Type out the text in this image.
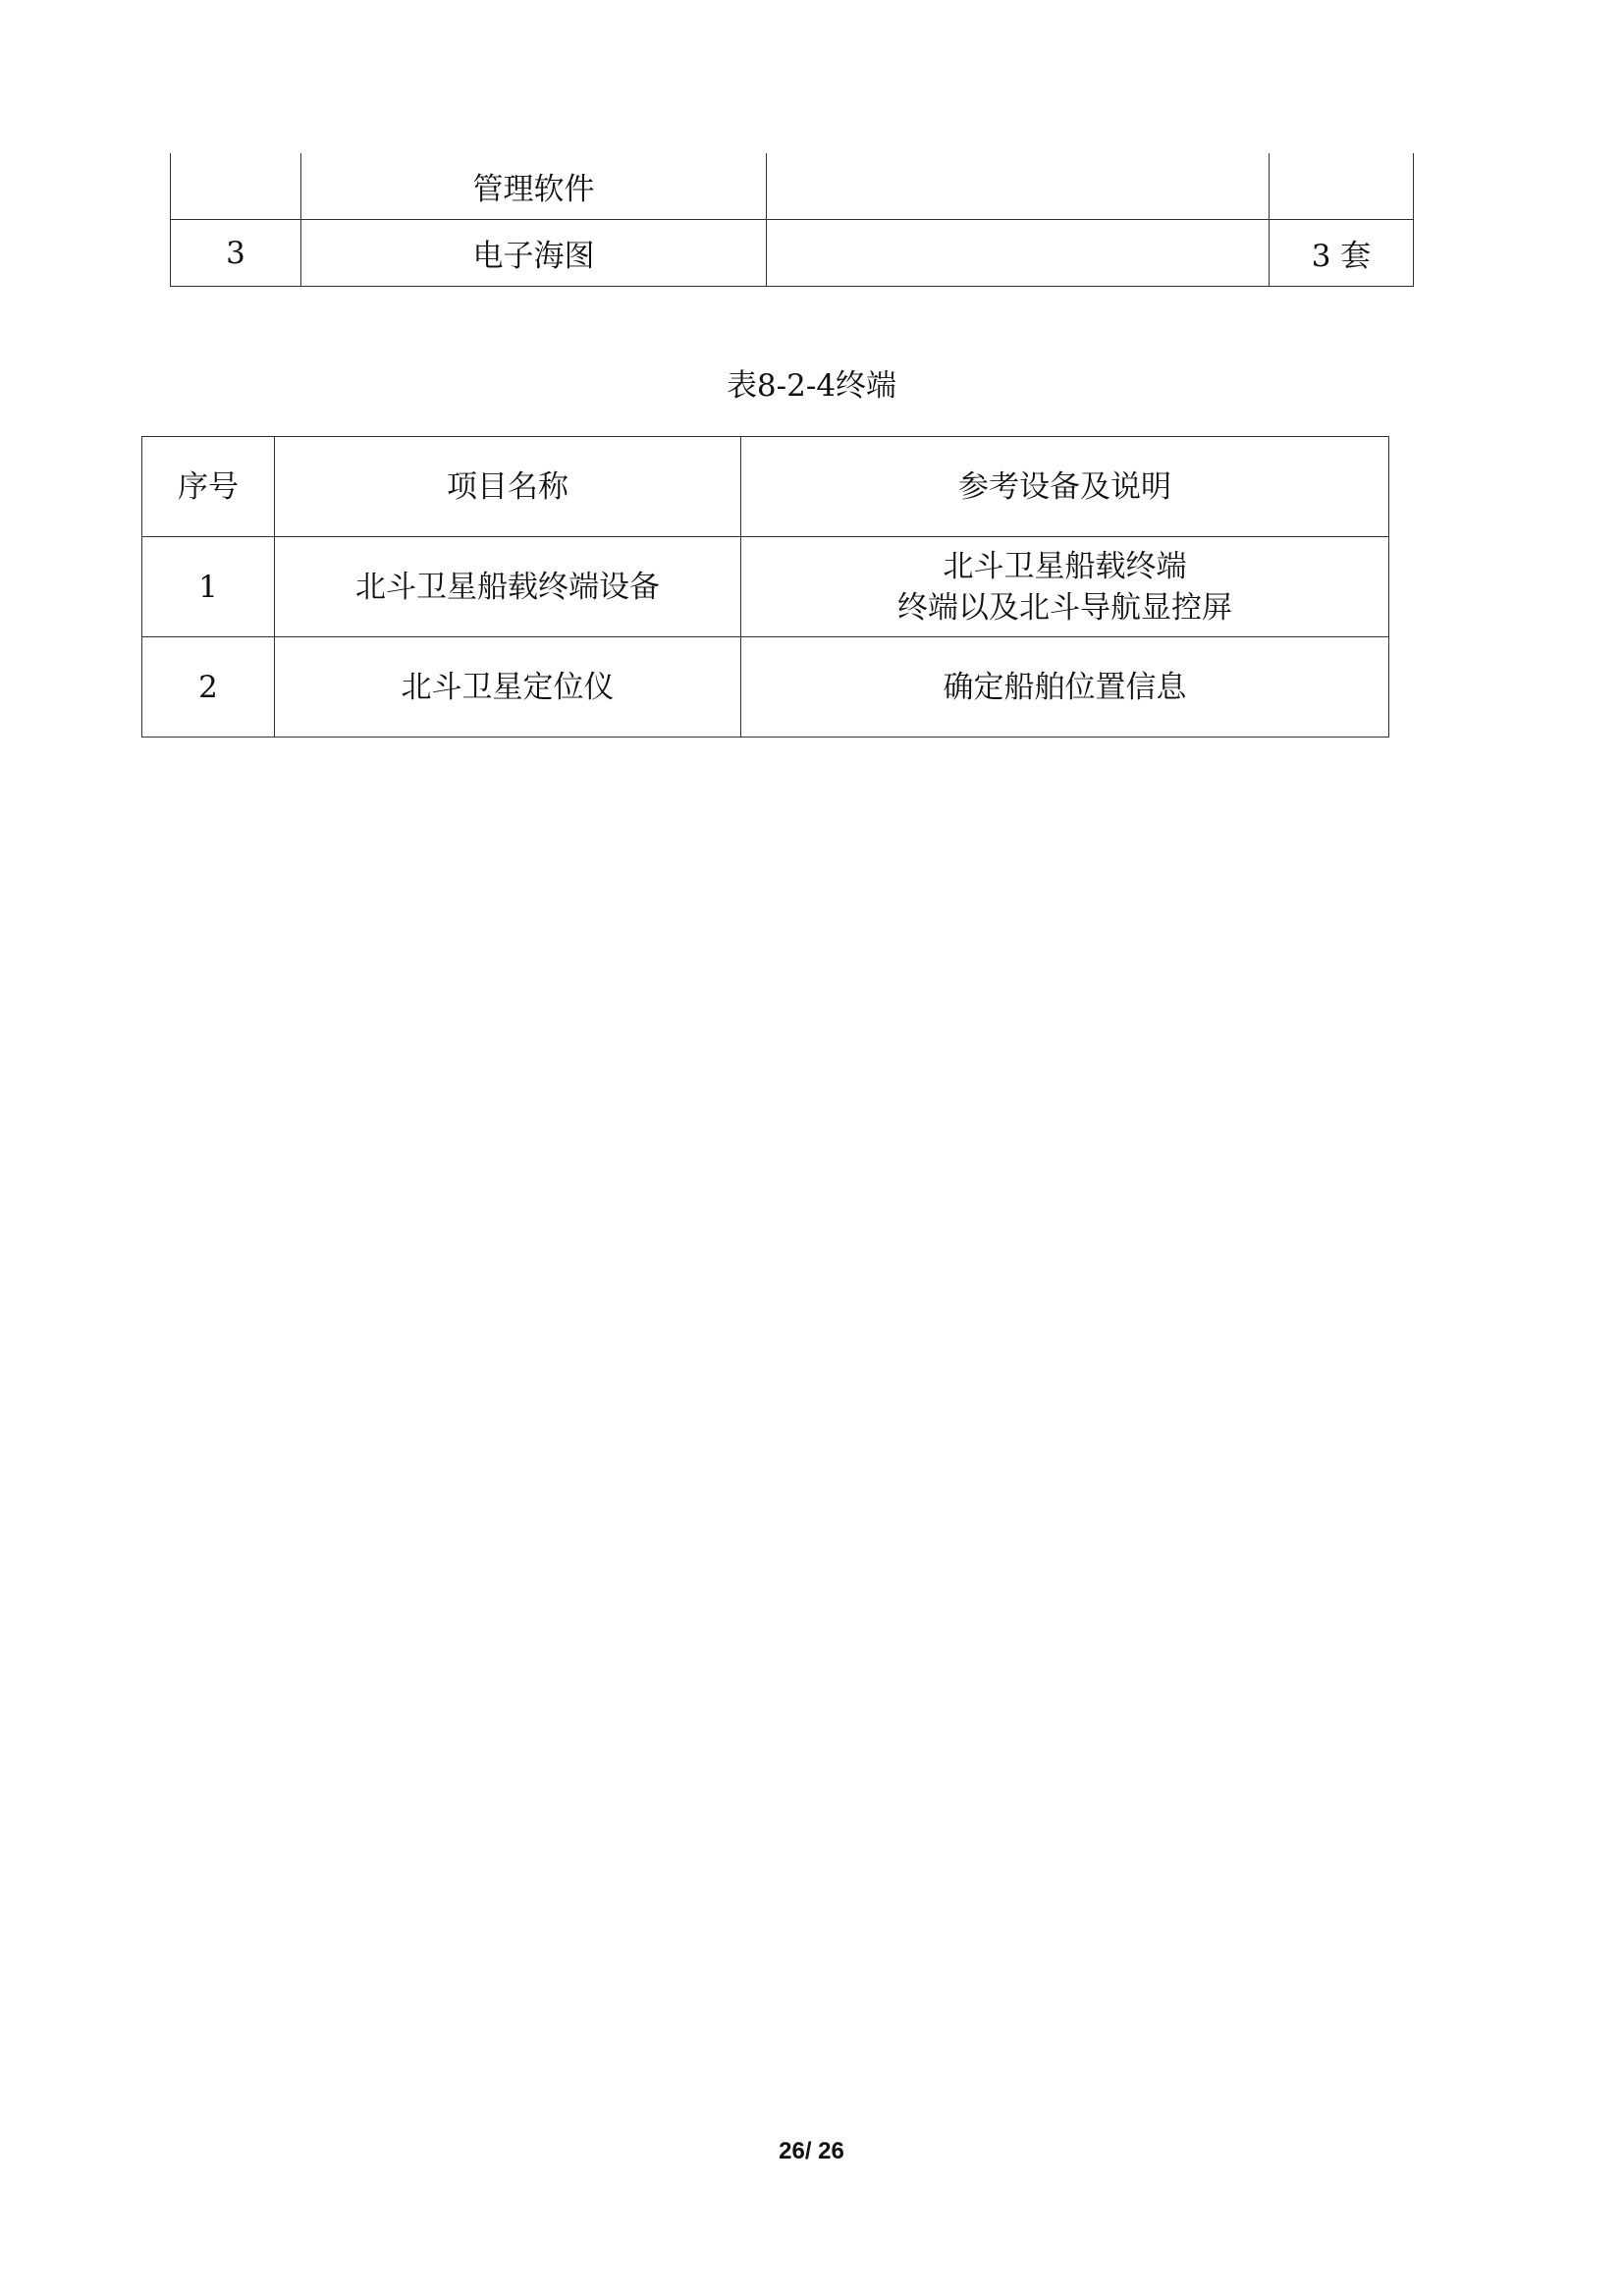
	管理软件		
3	电子海图		3 套
表8-2-4终端
序号	项目名称	参考设备及说明
1	北斗卫星船载终端设备	北斗卫星船载终端
终端以及北斗导航显控屏

2	北斗卫星定位仪	确定船舶位置信息
26/ 26
